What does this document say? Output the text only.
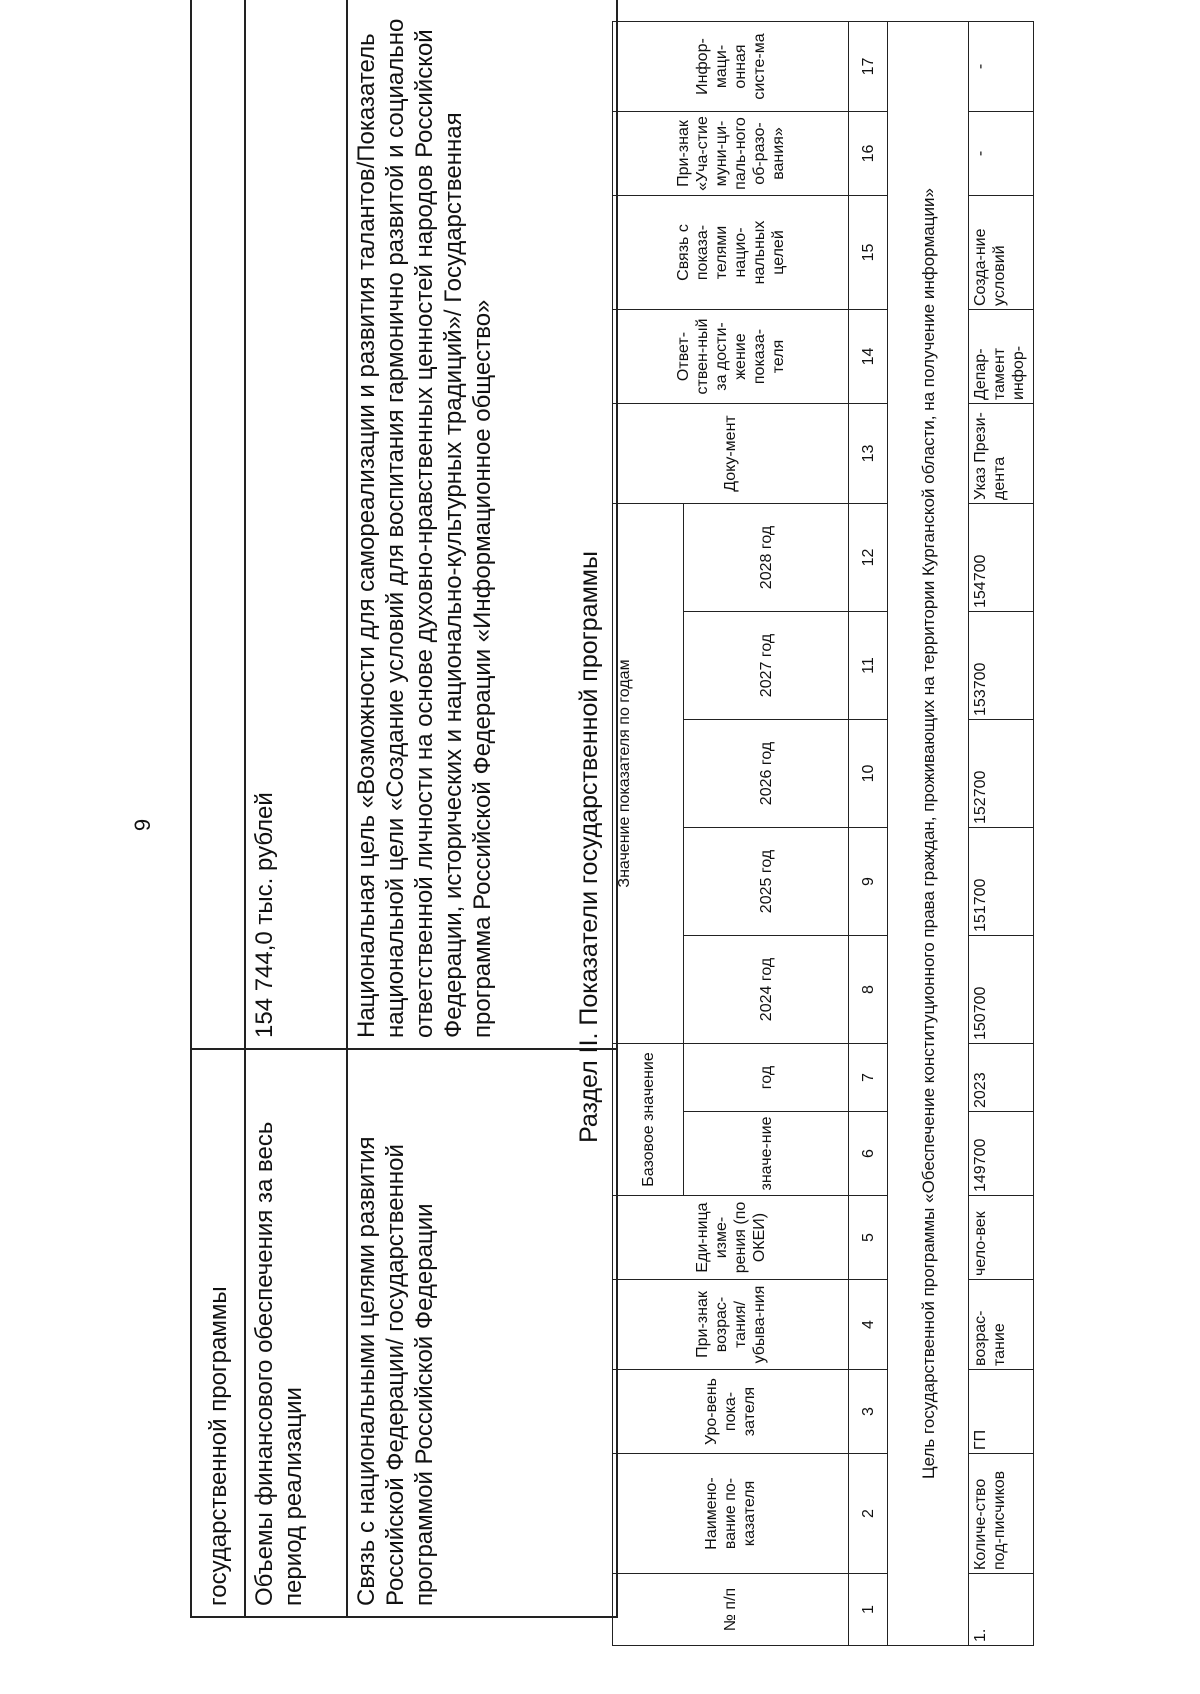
9
государственной программы	
Объемы финансового обеспечения за весь период реализации	154 744,0 тыс. рублей
Связь с национальными целями развития Российской Федерации/ государственной программой Российской Федерации	Национальная цель «Возможности для самореализации и развития талантов/Показатель национальной цели «Создание условий для воспитания гармонично развитой и социально ответственной личности на основе духовно-нравственных ценностей народов Российской Федерации, исторических и национально-культурных традиций»/ Государственная программа Российской Федерации «Информационное общество»	Раздел II. Показатели государственной программы
№ п/п	Наимено-вание по-казателя	Уро-вень пока-зателя	При-знак возрас-тания/ убыва-ния	Еди-ница изме-рения (по ОКЕИ)	Базовое значение		Значение показателя по годам					Доку-мент	Ответ-ствен-ный за дости-жение показа-теля	Связь с показа-телями нацио-нальных целей	При-знак «Уча-стие муни-ци-паль-ного об-разо-вания»	Инфор-маци-онная систе-ма
					значе-ние	год	2024 год	2025 год	2026 год	2027 год	2028 год					
1	2	3	4	5	6	7	8	9	10	11	12	13	14	15	16	17
Цель государственной программы «Обеспечение конституционного права граждан, проживающих на территории Курганской области, на получение информации»																
1.	Количе-ство под-писчиков	ГП	возрас-тание	чело-век	149700	2023	150700	151700	152700	153700	154700	Указ Прези-дента	Депар-тамент инфор-	Созда-ние условий	-	-
